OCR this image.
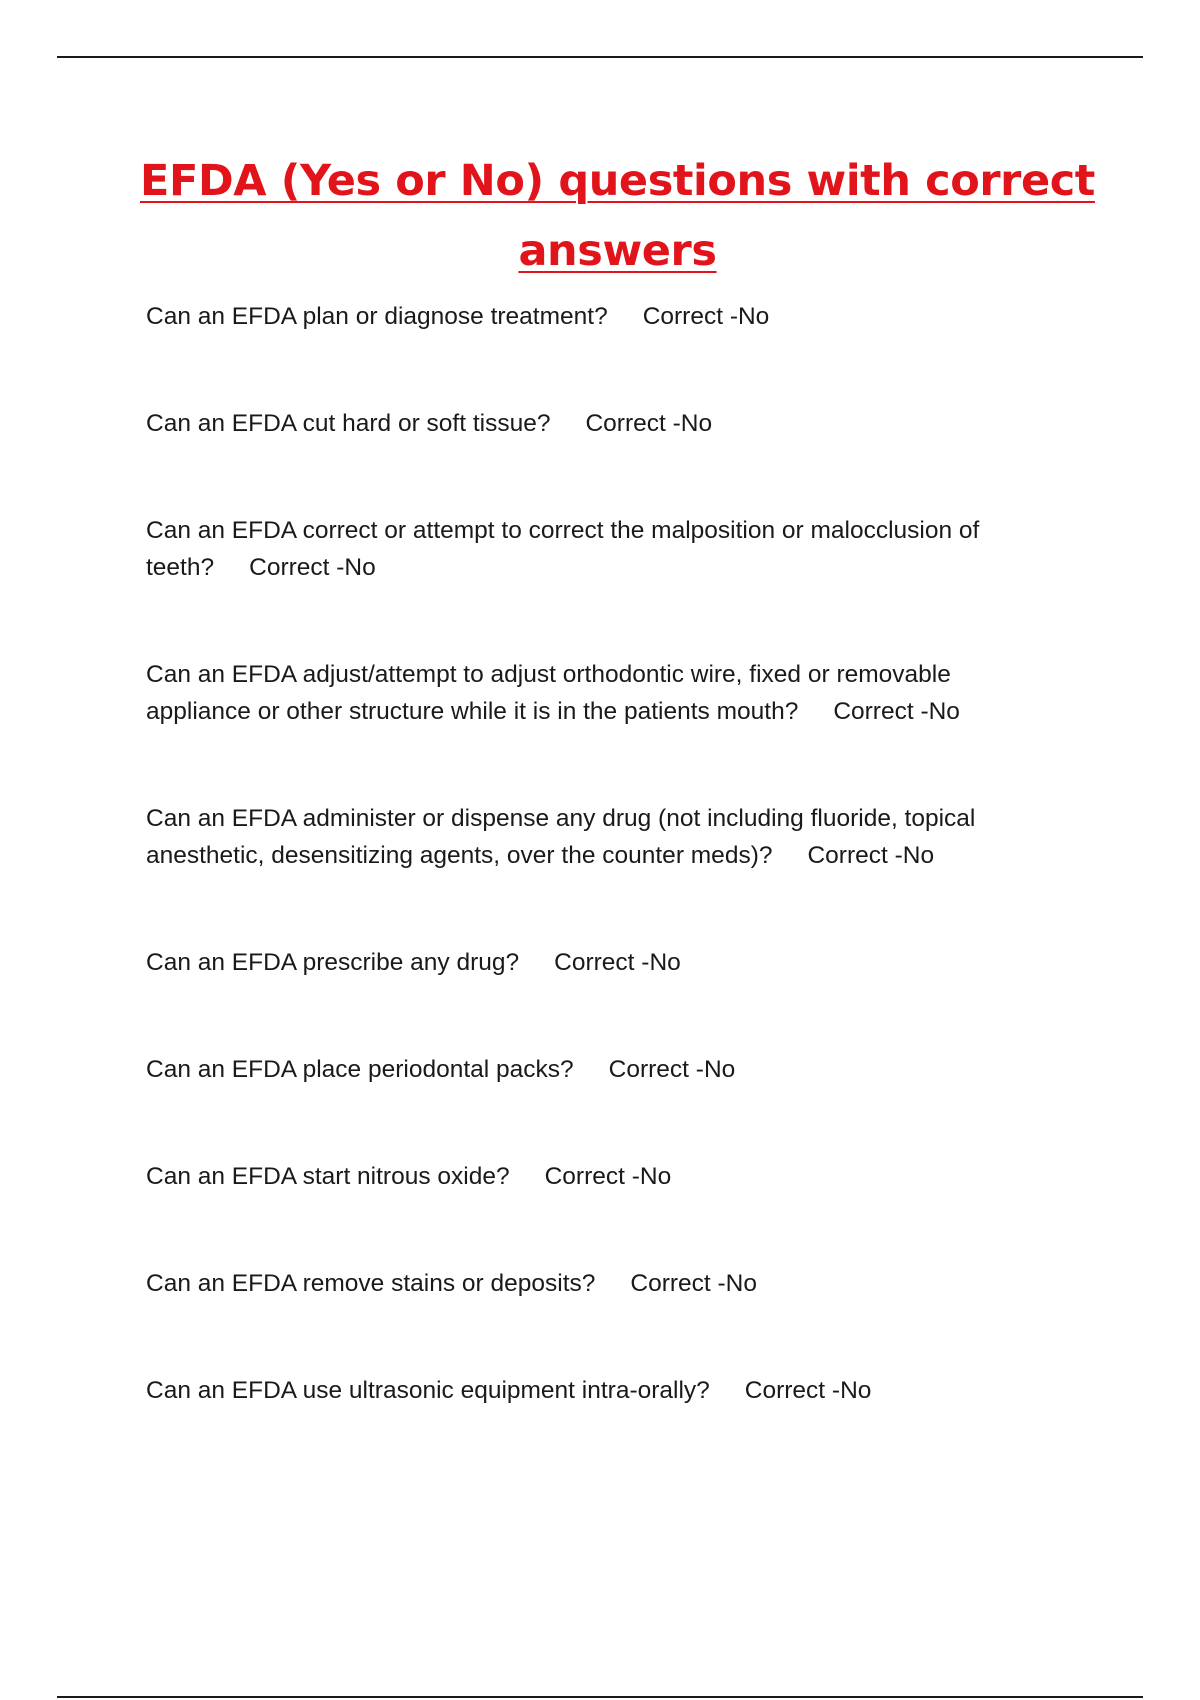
EFDA (Yes or No) questions with correct answers
Can an EFDA plan or diagnose treatment? Correct -No
Can an EFDA cut hard or soft tissue? Correct -No
Can an EFDA correct or attempt to correct the malposition or malocclusion of teeth? Correct -No
Can an EFDA adjust/attempt to adjust orthodontic wire, fixed or removable appliance or other structure while it is in the patients mouth? Correct -No
Can an EFDA administer or dispense any drug (not including fluoride, topical anesthetic, desensitizing agents, over the counter meds)? Correct -No
Can an EFDA prescribe any drug? Correct -No
Can an EFDA place periodontal packs? Correct -No
Can an EFDA start nitrous oxide? Correct -No
Can an EFDA remove stains or deposits? Correct -No
Can an EFDA use ultrasonic equipment intra-orally? Correct -No
